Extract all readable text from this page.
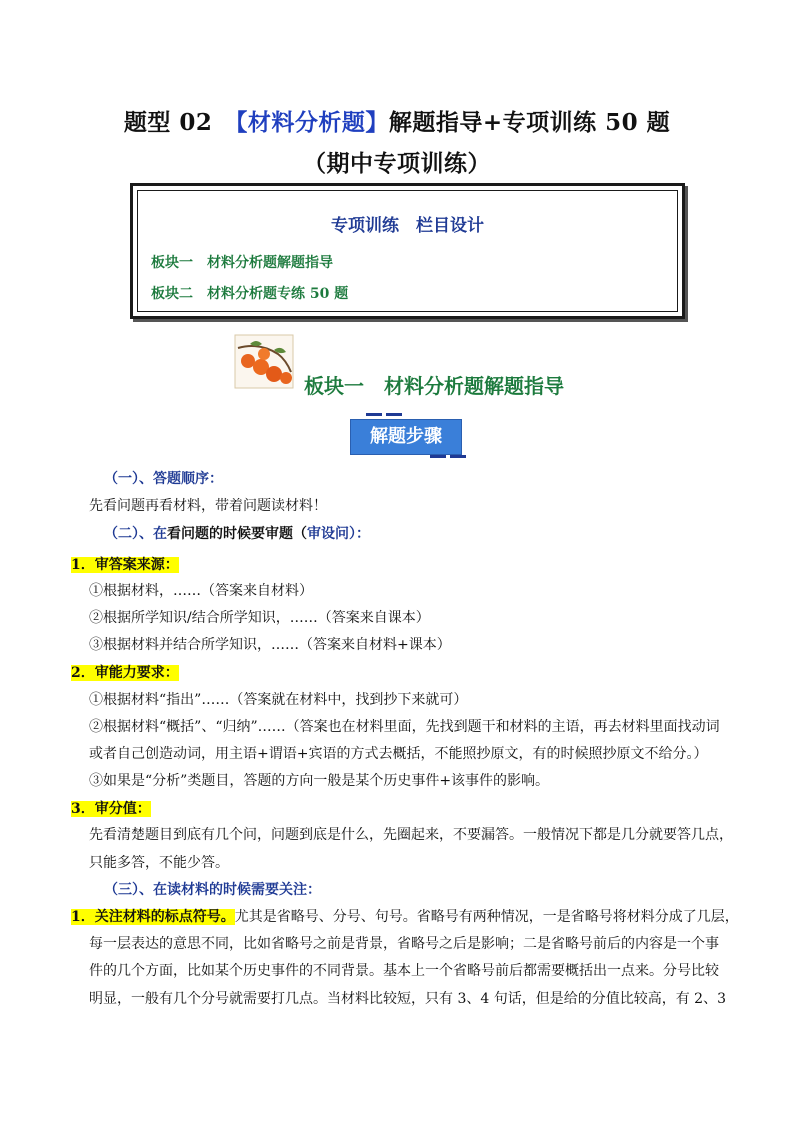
题型 02　 【材料分析题】解题指导+专项训练 50 题
（期中专项训练）
专项训练　栏目设计
板块一　材料分析题解题指导
板块二　材料分析题专练 50 题
板块一　材料分析题解题指导
解题步骤
（一）、答题顺序：
先看问题再看材料，带着问题读材料！
（二）、在看问题的时候要审题（审设问）：
1．审答案来源：
①根据材料，……（答案来自材料）
②根据所学知识/结合所学知识，……（答案来自课本）
③根据材料并结合所学知识，……（答案来自材料+课本）
2．审能力要求：
①根据材料“指出”……（答案就在材料中，找到抄下来就可）
②根据材料“概括”、“归纳”……（答案也在材料里面，先找到题干和材料的主语，再去材料里面找动词
或者自己创造动词，用主语+谓语+宾语的方式去概括，不能照抄原文，有的时候照抄原文不给分。）
③如果是“分析”类题目，答题的方向一般是某个历史事件+该事件的影响。
3．审分值：
先看清楚题目到底有几个问，问题到底是什么，先圈起来，不要漏答。一般情况下都是几分就要答几点，
只能多答，不能少答。
（三）、在读材料的时候需要关注：
1．关注材料的标点符号。尤其是省略号、分号、句号。省略号有两种情况，一是省略号将材料分成了几层，
每一层表达的意思不同，比如省略号之前是背景，省略号之后是影响；二是省略号前后的内容是一个事
件的几个方面，比如某个历史事件的不同背景。基本上一个省略号前后都需要概括出一点来。分号比较
明显，一般有几个分号就需要打几点。当材料比较短，只有 3、4 句话，但是给的分值比较高，有 2、3
